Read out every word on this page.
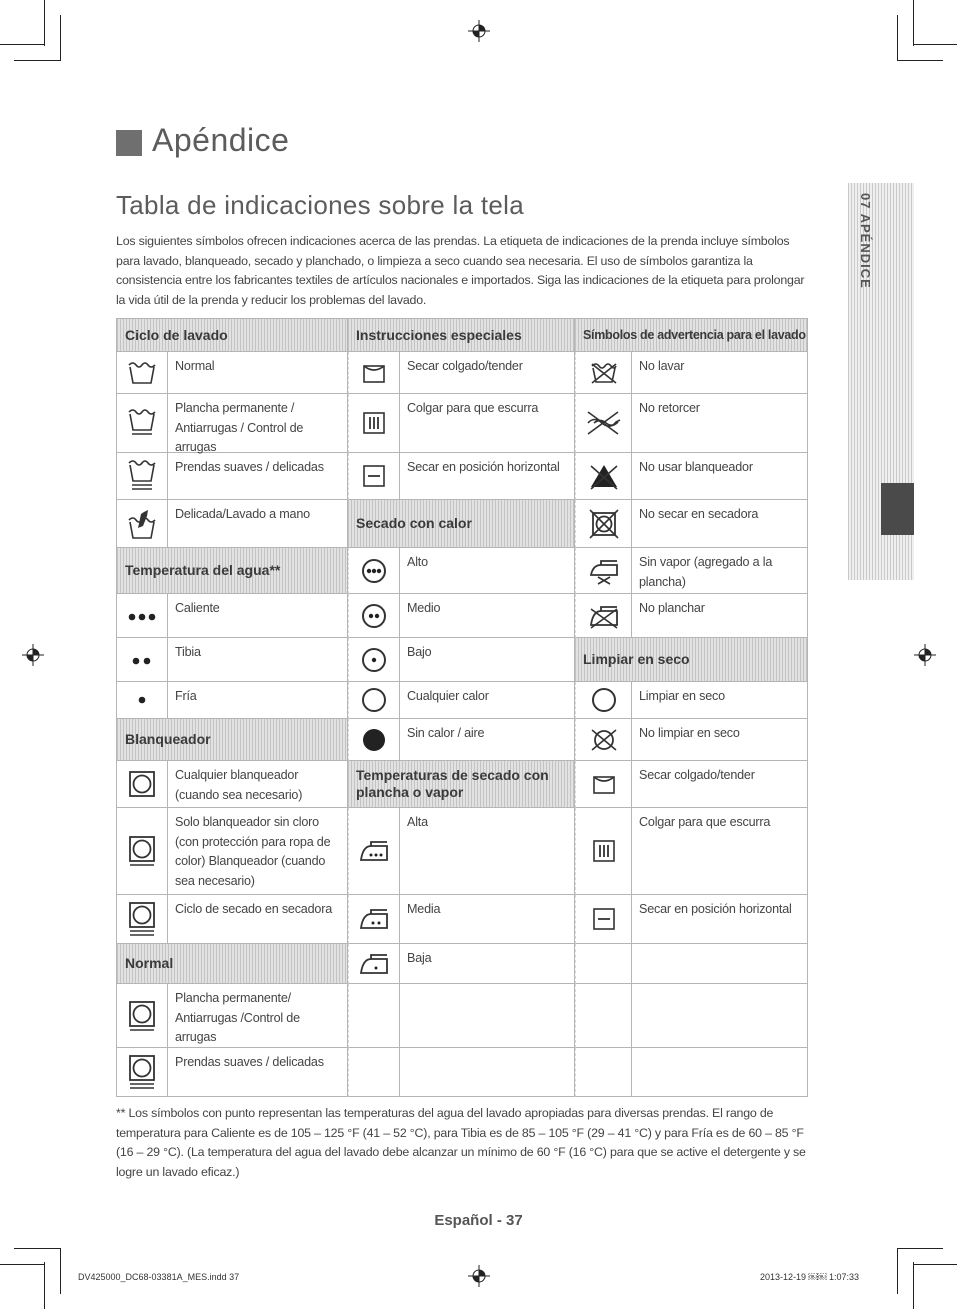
Apéndice
Tabla de indicaciones sobre la tela
Los siguientes símbolos ofrecen indicaciones acerca de las prendas. La etiqueta de indicaciones de la prenda incluye símbolos para lavado, blanqueado, secado y planchado, o limpieza a seco cuando sea necesaria. El uso de símbolos garantiza la consistencia entre los fabricantes textiles de artículos nacionales e importados. Siga las indicaciones de la etiqueta para prolongar la vida útil de la prenda y reducir los problemas del lavado.
07 APÉNDICE
Ciclo de lavado
Normal
Plancha permanente / Antiarrugas / Control de arrugas
Prendas suaves / delicadas
Delicada/Lavado a mano
Temperatura del agua**
Caliente
Tibia
Fría
Blanqueador
Cualquier blanqueador (cuando sea necesario)
Solo blanqueador sin cloro (con protección para ropa de color) Blanqueador (cuando sea necesario)
Ciclo de secado en secadora
Normal
Plancha permanente/ Antiarrugas /Control de arrugas
Prendas suaves / delicadas
Instrucciones especiales
Secar colgado/tender
Colgar para que escurra
Secar en posición horizontal
Secado con calor
Alto
Medio
Bajo
Cualquier calor
Sin calor / aire
Temperaturas de secado con plancha o vapor
Alta
Media
Baja
Símbolos de advertencia para el lavado
No lavar
No retorcer
No usar blanqueador
No secar en secadora
Sin vapor (agregado a la plancha)
No planchar
Limpiar en seco
Limpiar en seco
No limpiar en seco
Secar colgado/tender
Colgar para que escurra
Secar en posición horizontal
** Los símbolos con punto representan las temperaturas del agua del lavado apropiadas para diversas prendas. El rango de temperatura para Caliente es de 105 – 125 °F (41 – 52 °C), para Tibia es de 85 – 105 °F (29 – 41 °C) y para Fría es de 60 – 85 °F (16 – 29 °C). (La temperatura del agua del lavado debe alcanzar un mínimo de 60 °F (16 °C) para que se active el detergente y se logre un lavado eficaz.)
Español - 37
DV425000_DC68-03381A_MES.indd 37	2013-12-19 ￼￼ 1:07:33
